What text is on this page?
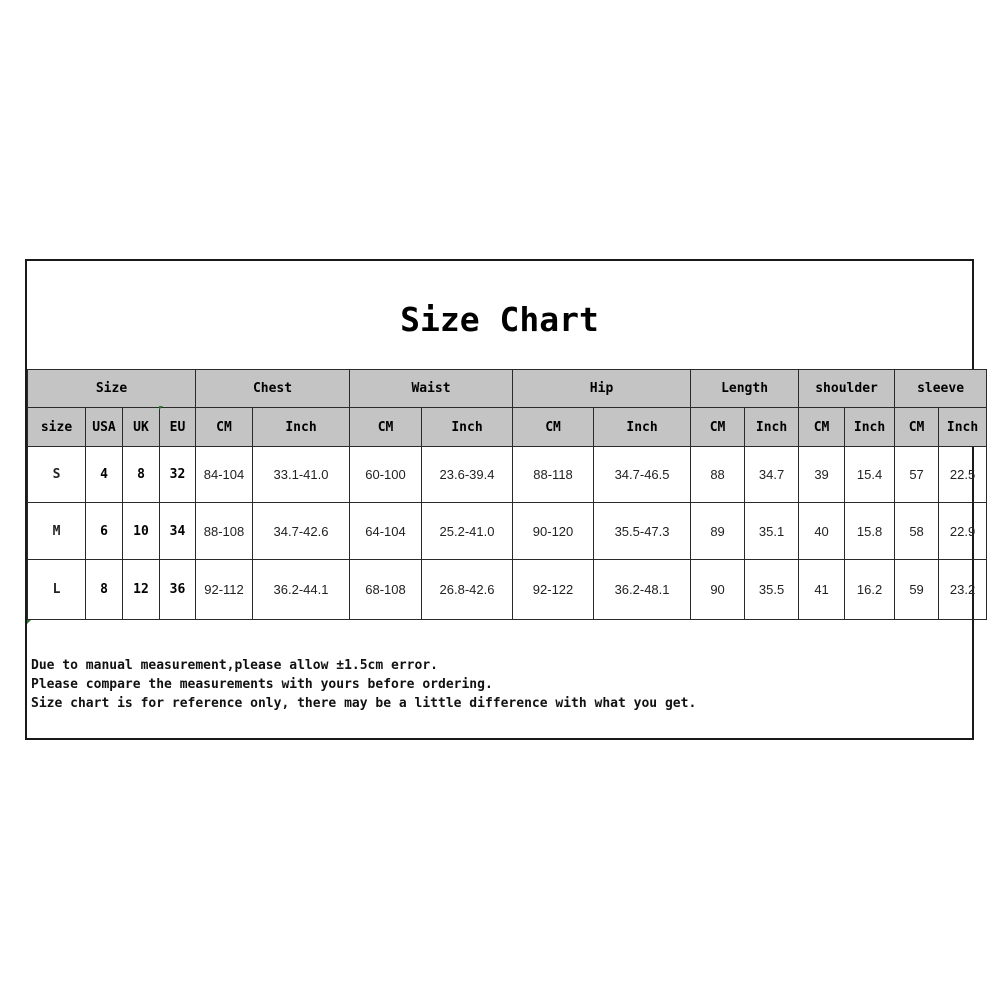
Size Chart
Size				Chest		Waist		Hip		Length		shoulder		sleeve	
size	USA	UK	EU	CM	Inch	CM	Inch	CM	Inch	CM	Inch	CM	Inch	CM	Inch
S	4	8	32	84-104	33.1-41.0	60-100	23.6-39.4	88-118	34.7-46.5	88	34.7	39	15.4	57	22.5
M	6	10	34	88-108	34.7-42.6	64-104	25.2-41.0	90-120	35.5-47.3	89	35.1	40	15.8	58	22.9
L	8	12	36	92-112	36.2-44.1	68-108	26.8-42.6	92-122	36.2-48.1	90	35.5	41	16.2	59	23.2
Due to manual measurement,please allow ±1.5cm error.
Please compare the measurements with yours before ordering.
Size chart is for reference only, there may be a little difference with what you get.
